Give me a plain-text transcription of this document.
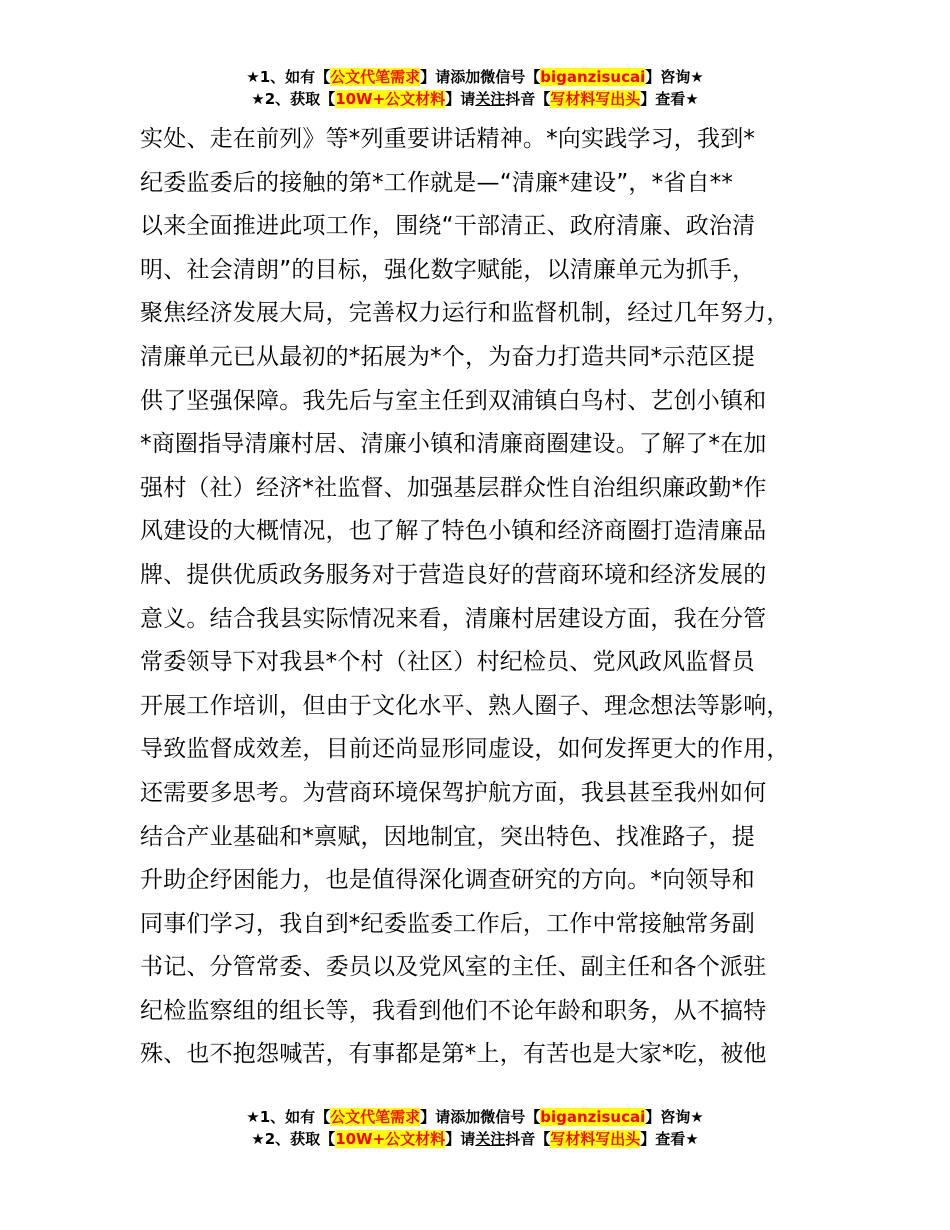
★1、如有【公文代笔需求】请添加微信号【biganzisucai】咨询★
★2、获取【10W+公文材料】请关注抖音【写材料写出头】查看★
实处、走在前列》等*列重要讲话精神。*向实践学习，我到*
纪委监委后的接触的第*工作就是—“清廉*建设”，*省自**
以来全面推进此项工作，围绕“干部清正、政府清廉、政治清
明、社会清朗”的目标，强化数字赋能，以清廉单元为抓手，
聚焦经济发展大局，完善权力运行和监督机制，经过几年努力，
清廉单元已从最初的*拓展为*个，为奋力打造共同*示范区提
供了坚强保障。我先后与室主任到双浦镇白鸟村、艺创小镇和
*商圈指导清廉村居、清廉小镇和清廉商圈建设。了解了*在加
强村（社）经济*社监督、加强基层群众性自治组织廉政勤*作
风建设的大概情况，也了解了特色小镇和经济商圈打造清廉品
牌、提供优质政务服务对于营造良好的营商环境和经济发展的
意义。结合我县实际情况来看，清廉村居建设方面，我在分管
常委领导下对我县*个村（社区）村纪检员、党风政风监督员
开展工作培训，但由于文化水平、熟人圈子、理念想法等影响，
导致监督成效差，目前还尚显形同虚设，如何发挥更大的作用，
还需要多思考。为营商环境保驾护航方面，我县甚至我州如何
结合产业基础和*禀赋，因地制宜，突出特色、找准路子，提
升助企纾困能力，也是值得深化调查研究的方向。*向领导和
同事们学习，我自到*纪委监委工作后，工作中常接触常务副
书记、分管常委、委员以及党风室的主任、副主任和各个派驻
纪检监察组的组长等，我看到他们不论年龄和职务，从不搞特
殊、也不抱怨喊苦，有事都是第*上，有苦也是大家*吃，被他
★1、如有【公文代笔需求】请添加微信号【biganzisucai】咨询★
★2、获取【10W+公文材料】请关注抖音【写材料写出头】查看★
